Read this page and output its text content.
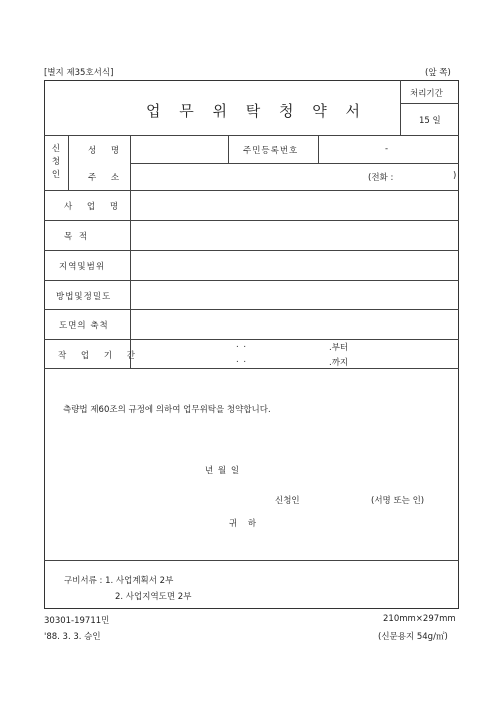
[별지 제35호서식]	(앞 쪽)
업 무 위 탁 청 약 서
처리기간
15 일
신
청
인
성 명	주민등록번호	-
주 소	(전화 :	)
사 업 명
목 적
지역및범위
방법및정밀도
도면의 축척
작 업 기 간
. .	.부터
. .	.까지
측량법 제60조의 규정에 의하여 업무위탁을 청약합니다.
년 월 일
신청인	(서명 또는 인)
귀 하
구비서류 : 1. 사업계획서 2부
2. 사업지역도면 2부
30301-19711민	210mm×297mm
'88. 3. 3. 승인	(신문용지 54g/㎡)
